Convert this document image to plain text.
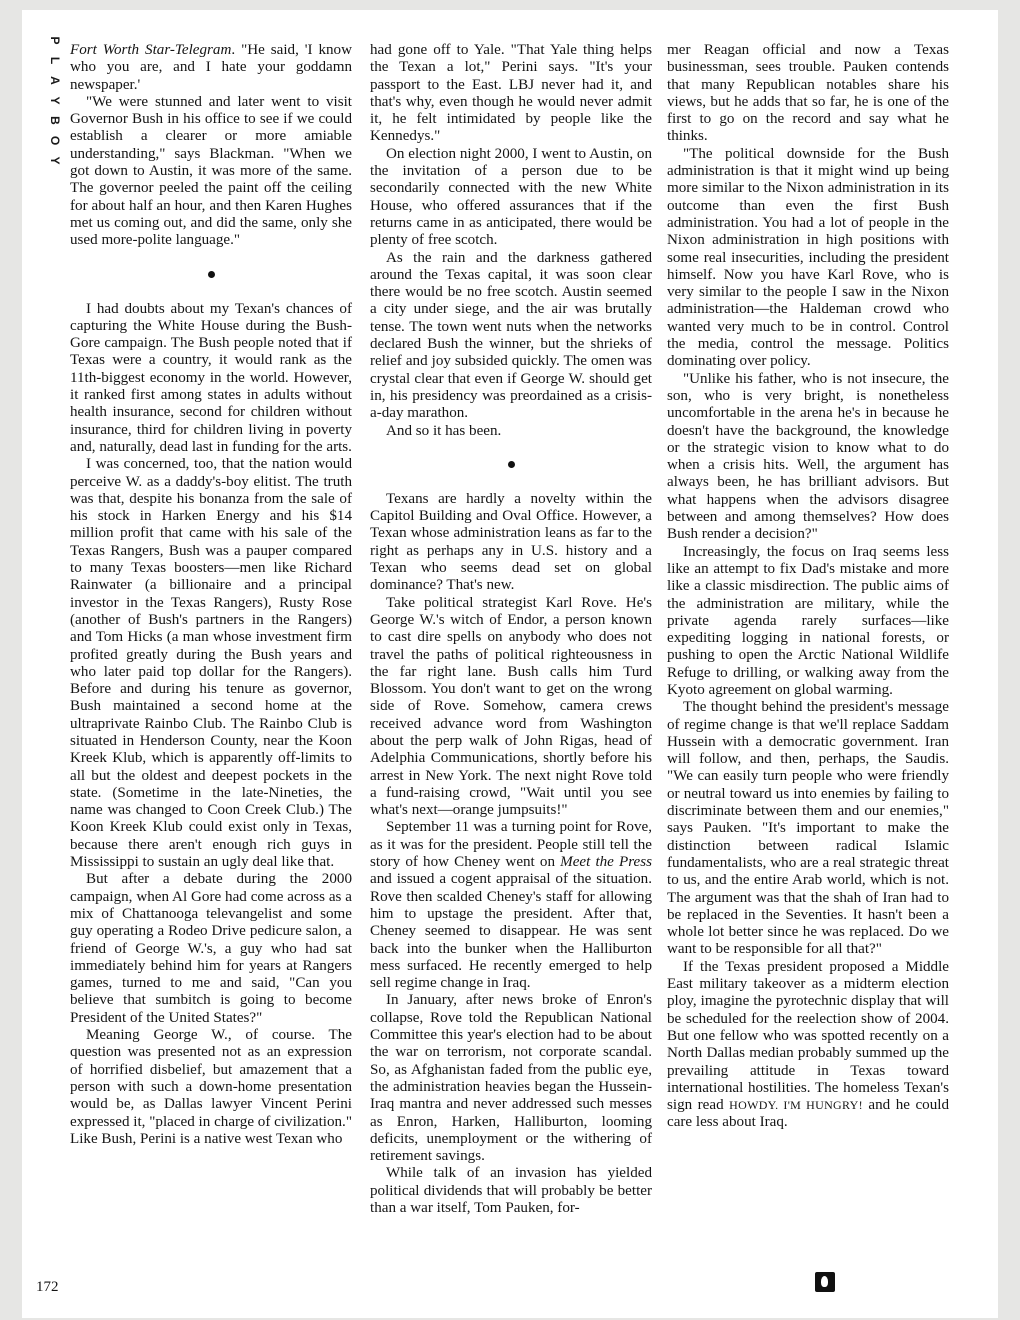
P
L
A
Y
B
O
Y

Fort Worth Star-Telegram. "He said, 'I know who you are, and I hate your goddamn newspaper.'

"We were stunned and later went to visit Governor Bush in his office to see if we could establish a clearer or more amiable understanding," says Blackman. "When we got down to Austin, it was more of the same. The governor peeled the paint off the ceiling for about half an hour, and then Karen Hughes met us coming out, and did the same, only she used more-polite language."

I had doubts about my Texan's chances of capturing the White House during the Bush-Gore campaign. The Bush people noted that if Texas were a country, it would rank as the 11th-biggest economy in the world. However, it ranked first among states in adults without health insurance, second for children without insurance, third for children living in poverty and, naturally, dead last in funding for the arts.

I was concerned, too, that the nation would perceive W. as a daddy's-boy elitist. The truth was that, despite his bonanza from the sale of his stock in Harken Energy and his $14 million profit that came with his sale of the Texas Rangers, Bush was a pauper compared to many Texas boosters—men like Richard Rainwater (a billionaire and a principal investor in the Texas Rangers), Rusty Rose (another of Bush's partners in the Rangers) and Tom Hicks (a man whose investment firm profited greatly during the Bush years and who later paid top dollar for the Rangers). Before and during his tenure as governor, Bush maintained a second home at the ultraprivate Rainbo Club. The Rainbo Club is situated in Henderson County, near the Koon Kreek Klub, which is apparently off-limits to all but the oldest and deepest pockets in the state. (Sometime in the late-Nineties, the name was changed to Coon Creek Club.) The Koon Kreek Klub could exist only in Texas, because there aren't enough rich guys in Mississippi to sustain an ugly deal like that.

But after a debate during the 2000 campaign, when Al Gore had come across as a mix of Chattanooga televangelist and some guy operating a Rodeo Drive pedicure salon, a friend of George W.'s, a guy who had sat immediately behind him for years at Rangers games, turned to me and said, "Can you believe that sumbitch is going to become President of the United States?"

Meaning George W., of course. The question was presented not as an expression of horrified disbelief, but amazement that a person with such a down-home presentation would be, as Dallas lawyer Vincent Perini expressed it, "placed in charge of civilization." Like Bush, Perini is a native west Texan who

had gone off to Yale. "That Yale thing helps the Texan a lot," Perini says. "It's your passport to the East. LBJ never had it, and that's why, even though he would never admit it, he felt intimidated by people like the Kennedys."

On election night 2000, I went to Austin, on the invitation of a person due to be secondarily connected with the new White House, who offered assurances that if the returns came in as anticipated, there would be plenty of free scotch.

As the rain and the darkness gathered around the Texas capital, it was soon clear there would be no free scotch. Austin seemed a city under siege, and the air was brutally tense. The town went nuts when the networks declared Bush the winner, but the shrieks of relief and joy subsided quickly. The omen was crystal clear that even if George W. should get in, his presidency was preordained as a crisis-a-day marathon.

And so it has been.

Texans are hardly a novelty within the Capitol Building and Oval Office. However, a Texan whose administration leans as far to the right as perhaps any in U.S. history and a Texan who seems dead set on global dominance? That's new.

Take political strategist Karl Rove. He's George W.'s witch of Endor, a person known to cast dire spells on anybody who does not travel the paths of political righteousness in the far right lane. Bush calls him Turd Blossom. You don't want to get on the wrong side of Rove. Somehow, camera crews received advance word from Washington about the perp walk of John Rigas, head of Adelphia Communications, shortly before his arrest in New York. The next night Rove told a fund-raising crowd, "Wait until you see what's next—orange jumpsuits!"

September 11 was a turning point for Rove, as it was for the president. People still tell the story of how Cheney went on Meet the Press and issued a cogent appraisal of the situation. Rove then scalded Cheney's staff for allowing him to upstage the president. After that, Cheney seemed to disappear. He was sent back into the bunker when the Halliburton mess surfaced. He recently emerged to help sell regime change in Iraq.

In January, after news broke of Enron's collapse, Rove told the Republican National Committee this year's election had to be about the war on terrorism, not corporate scandal. So, as Afghanistan faded from the public eye, the administration heavies began the Hussein-Iraq mantra and never addressed such messes as Enron, Harken, Halliburton, looming deficits, unemployment or the withering of retirement savings.

While talk of an invasion has yielded political dividends that will probably be better than a war itself, Tom Pauken, for-

mer Reagan official and now a Texas businessman, sees trouble. Pauken contends that many Republican notables share his views, but he adds that so far, he is one of the first to go on the record and say what he thinks.

"The political downside for the Bush administration is that it might wind up being more similar to the Nixon administration in its outcome than even the first Bush administration. You had a lot of people in the Nixon administration in high positions with some real insecurities, including the president himself. Now you have Karl Rove, who is very similar to the people I saw in the Nixon administration—the Haldeman crowd who wanted very much to be in control. Control the media, control the message. Politics dominating over policy.

"Unlike his father, who is not insecure, the son, who is very bright, is nonetheless uncomfortable in the arena he's in because he doesn't have the background, the knowledge or the strategic vision to know what to do when a crisis hits. Well, the argument has always been, he has brilliant advisors. But what happens when the advisors disagree between and among themselves? How does Bush render a decision?"

Increasingly, the focus on Iraq seems less like an attempt to fix Dad's mistake and more like a classic misdirection. The public aims of the administration are military, while the private agenda rarely surfaces—like expediting logging in national forests, or pushing to open the Arctic National Wildlife Refuge to drilling, or walking away from the Kyoto agreement on global warming.

The thought behind the president's message of regime change is that we'll replace Saddam Hussein with a democratic government. Iran will follow, and then, perhaps, the Saudis. "We can easily turn people who were friendly or neutral toward us into enemies by failing to discriminate between them and our enemies," says Pauken. "It's important to make the distinction between radical Islamic fundamentalists, who are a real strategic threat to us, and the entire Arab world, which is not. The argument was that the shah of Iran had to be replaced in the Seventies. It hasn't been a whole lot better since he was replaced. Do we want to be responsible for all that?"

If the Texas president proposed a Middle East military takeover as a midterm election ploy, imagine the pyrotechnic display that will be scheduled for the reelection show of 2004. But one fellow who was spotted recently on a North Dallas median probably summed up the prevailing attitude in Texas toward international hostilities. The homeless Texan's sign read HOWDY. I'M HUNGRY! and he could care less about Iraq.

172
